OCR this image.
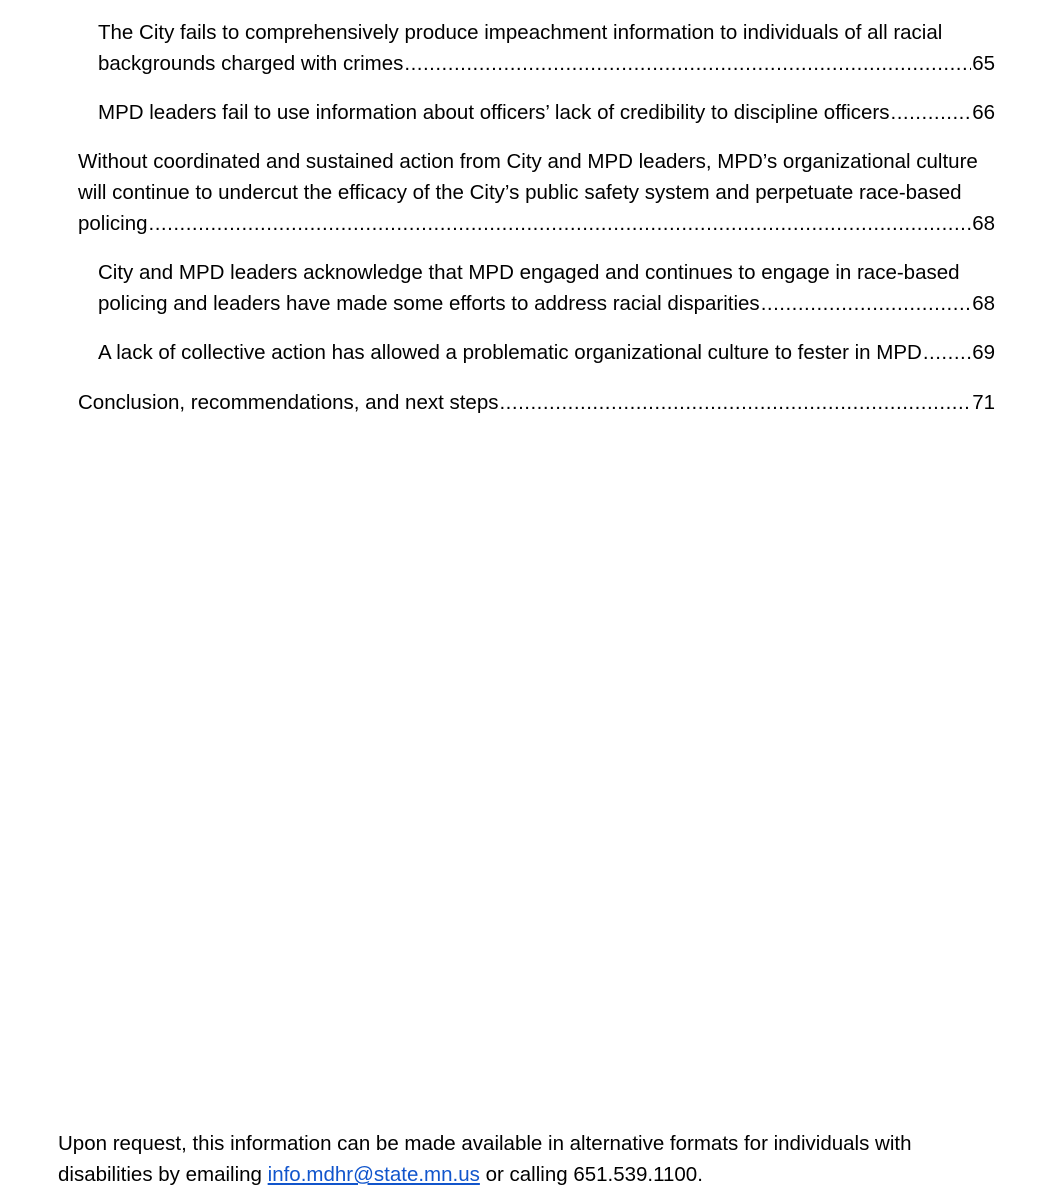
The City fails to comprehensively produce impeachment information to individuals of all racial
backgrounds charged with crimes .....	65
MPD leaders fail to use information about officers’ lack of credibility to discipline officers .....	66
Without coordinated and sustained action from City and MPD leaders, MPD’s organizational culture
will continue to undercut the efficacy of the City’s public safety system and perpetuate race-based
policing .....	68
City and MPD leaders acknowledge that MPD engaged and continues to engage in race-based
policing and leaders have made some efforts to address racial disparities .....	68
A lack of collective action has allowed a problematic organizational culture to fester in MPD ..... 69
Conclusion, recommendations, and next steps .....	71
Upon request, this information can be made available in alternative formats for individuals with
disabilities by emailing info.mdhr@state.mn.us or calling 651.539.1100.
